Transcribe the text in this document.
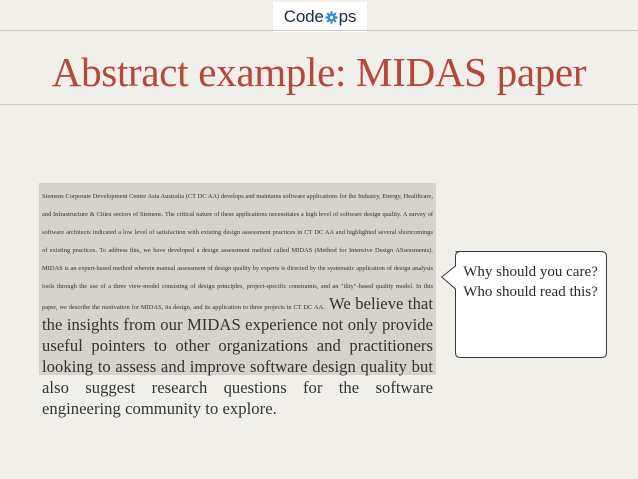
Code ps
Abstract example: MIDAS paper
Siemens Corporate Development Center Asia Australia (CT DC AA) develops and maintains software applications for the Industry, Energy, Healthcare, and Infrastructure & Cities sectors of Siemens. The critical nature of these applications necessitates a high level of software design quality. A survey of software architects indicated a low level of satisfaction with existing design assessment practices in CT DC AA and highlighted several shortcomings of existing practices. To address this, we have developed a design assessment method called MIDAS (Method for Intensive Design ASsessments). MIDAS is an expert-based method wherein manual assessment of design quality by experts is directed by the systematic application of design analysis tools through the use of a three view-model consisting of design principles, project-specific constraints, and an "ility"-based quality model. In this paper, we describe the motivation for MIDAS, its design, and its application to three projects in CT DC AA. We believe that the insights from our MIDAS experience not only provide useful pointers to other organizations and practitioners looking to assess and improve software design quality but also suggest research questions for the software engineering community to explore.
Why should you care?
Who should read this?
